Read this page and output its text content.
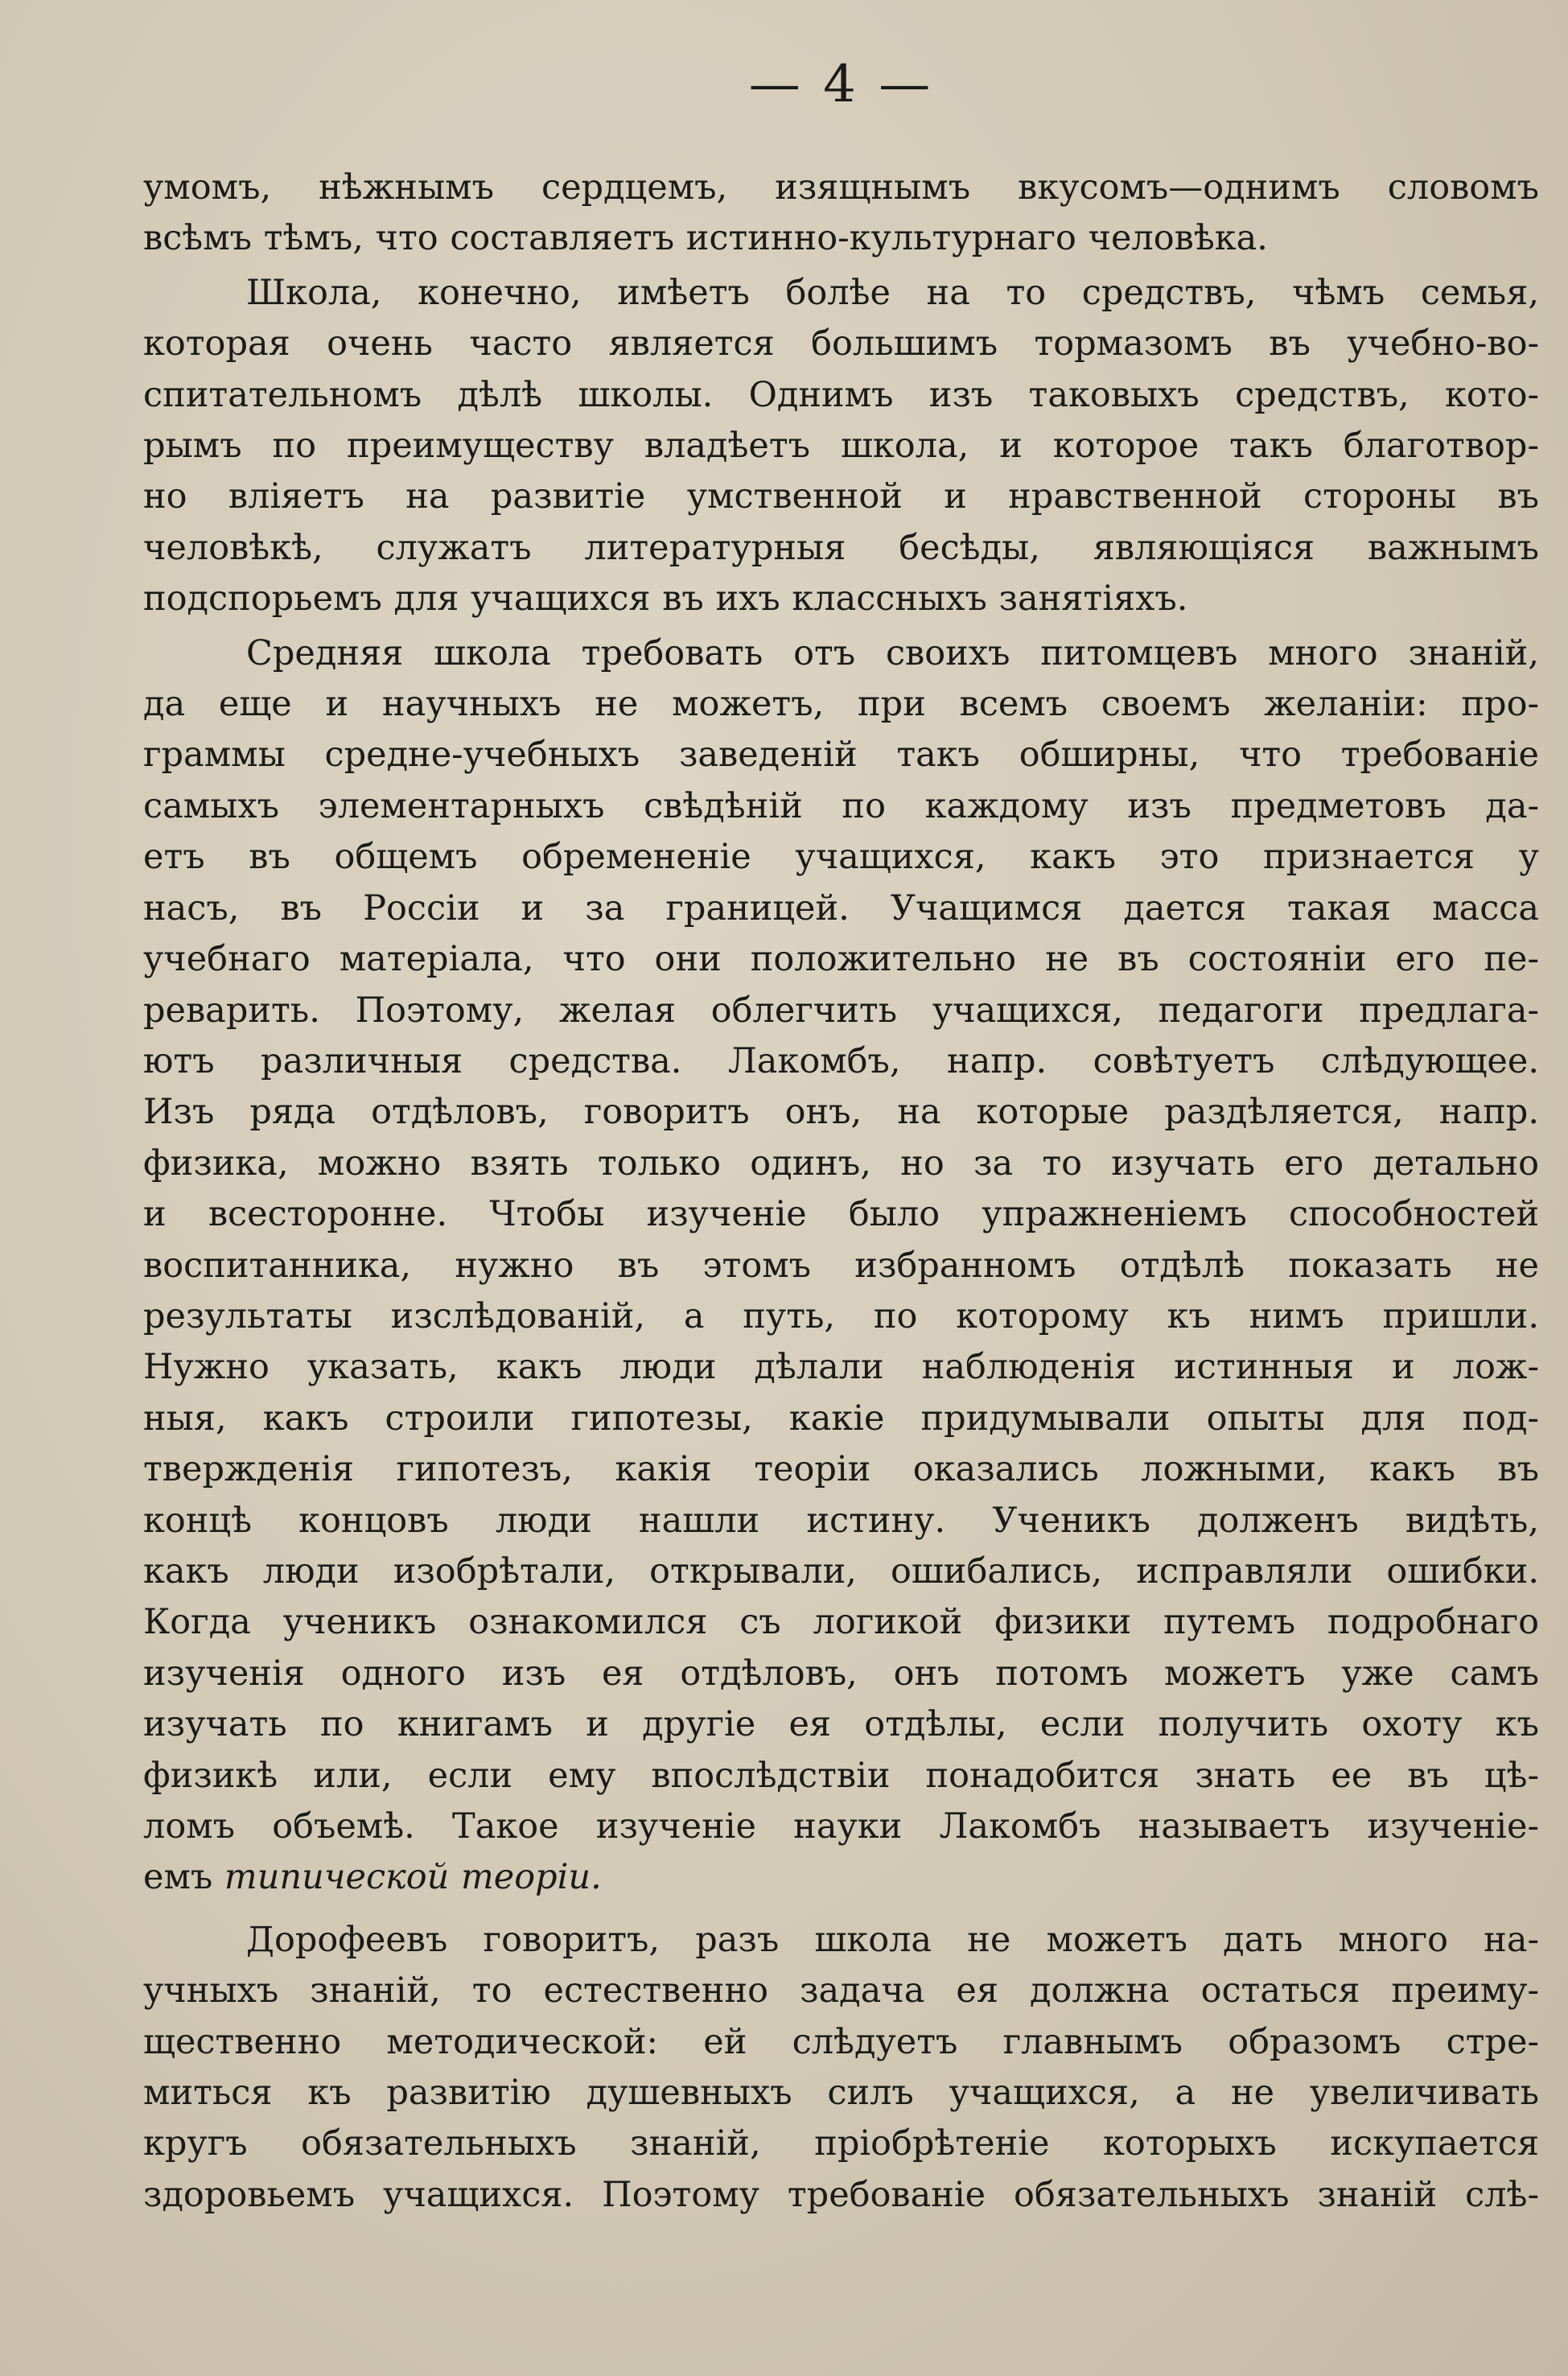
— 4 —
умомъ, нѣжнымъ сердцемъ, изящнымъ вкусомъ—однимъ словомъ
всѣмъ тѣмъ, что составляетъ истинно-культурнаго человѣка.
Школа, конечно, имѣетъ болѣе на то средствъ, чѣмъ семья,
которая очень часто является большимъ тормазомъ въ учебно-во-
спитательномъ дѣлѣ школы. Однимъ изъ таковыхъ средствъ, кото-
рымъ по преимуществу владѣетъ школа, и которое такъ благотвор-
но вліяетъ на развитіе умственной и нравственной стороны въ
человѣкѣ, служатъ литературныя бесѣды, являющіяся важнымъ
подспорьемъ для учащихся въ ихъ классныхъ занятіяхъ.
Средняя школа требовать отъ своихъ питомцевъ много знаній,
да еще и научныхъ не можетъ, при всемъ своемъ желаніи: про-
граммы средне-учебныхъ заведеній такъ обширны, что требованіе
самыхъ элементарныхъ свѣдѣній по каждому изъ предметовъ да-
етъ въ общемъ обремененіе учащихся, какъ это признается у
насъ, въ Россіи и за границей. Учащимся дается такая масса
учебнаго матеріала, что они положительно не въ состояніи его пе-
реварить. Поэтому, желая облегчить учащихся, педагоги предлага-
ютъ различныя средства. Лакомбъ, напр. совѣтуетъ слѣдующее.
Изъ ряда отдѣловъ, говоритъ онъ, на которые раздѣляется, напр.
физика, можно взять только одинъ, но за то изучать его детально
и всесторонне. Чтобы изученіе было упражненіемъ способностей
воспитанника, нужно въ этомъ избранномъ отдѣлѣ показать не
результаты изслѣдованій, а путь, по которому къ нимъ пришли.
Нужно указать, какъ люди дѣлали наблюденія истинныя и лож-
ныя, какъ строили гипотезы, какіе придумывали опыты для под-
твержденія гипотезъ, какія теоріи оказались ложными, какъ въ
концѣ концовъ люди нашли истину. Ученикъ долженъ видѣть,
какъ люди изобрѣтали, открывали, ошибались, исправляли ошибки.
Когда ученикъ ознакомился съ логикой физики путемъ подробнаго
изученія одного изъ ея отдѣловъ, онъ потомъ можетъ уже самъ
изучать по книгамъ и другіе ея отдѣлы, если получить охоту къ
физикѣ или, если ему впослѣдствіи понадобится знать ее въ цѣ-
ломъ объемѣ. Такое изученіе науки Лакомбъ называетъ изученіе-
емъ типической теоріи.
Дорофеевъ говоритъ, разъ школа не можетъ дать много на-
учныхъ знаній, то естественно задача ея должна остаться преиму-
щественно методической: ей слѣдуетъ главнымъ образомъ стре-
миться къ развитію душевныхъ силъ учащихся, а не увеличивать
кругъ обязательныхъ знаній, пріобрѣтеніе которыхъ искупается
здоровьемъ учащихся. Поэтому требованіе обязательныхъ знаній слѣ-
